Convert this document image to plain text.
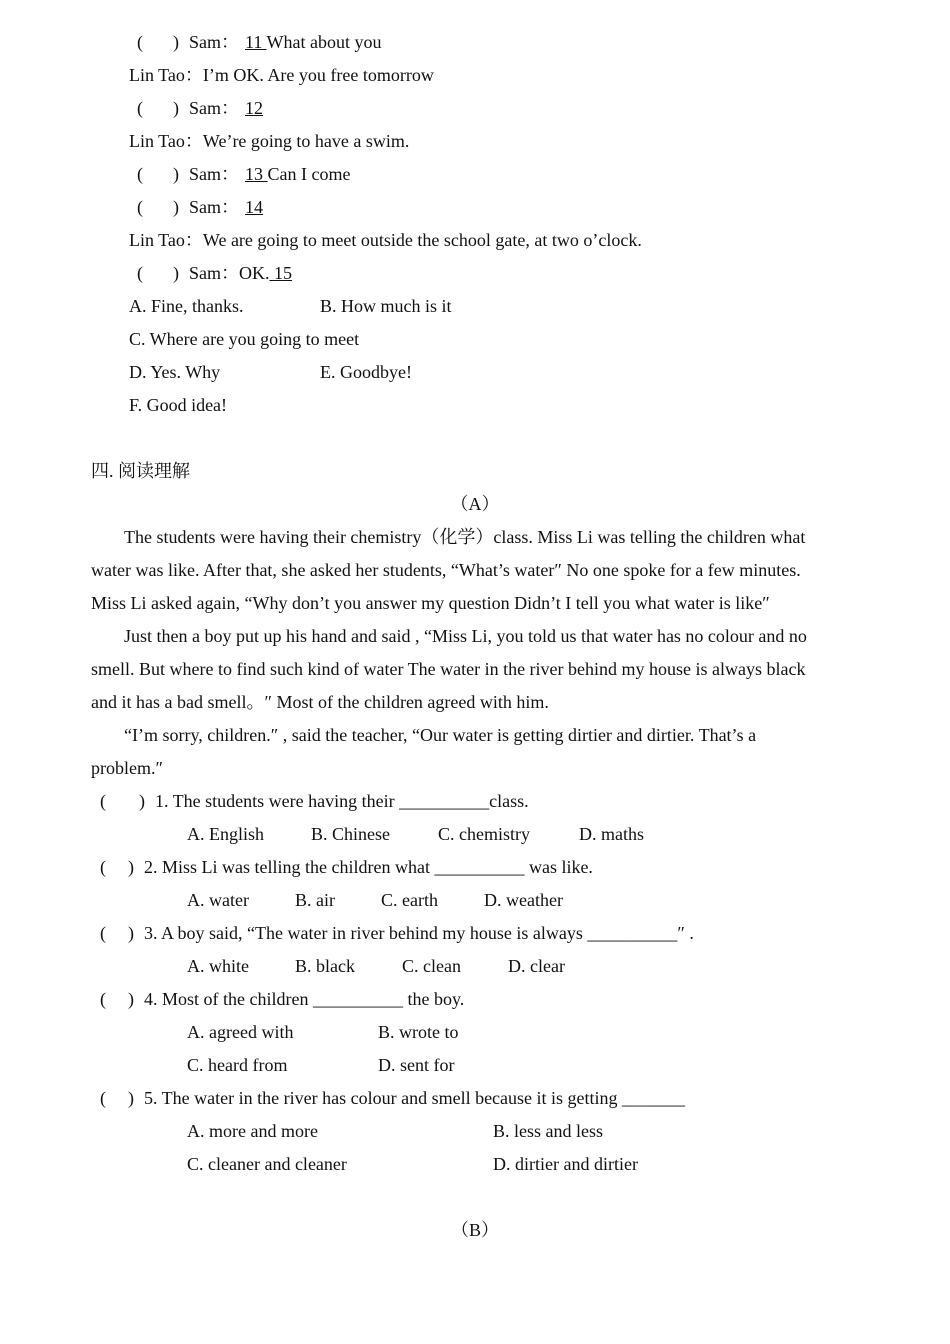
( ) Sam： 11 What about you
Lin Tao：I’m OK. Are you free tomorrow
( ) Sam： 12
Lin Tao：We’re going to have a swim.
( ) Sam： 13 Can I come
( ) Sam： 14
Lin Tao：We are going to meet outside the school gate, at two o’clock.
( ) Sam：OK. 15
A. Fine, thanks.	B. How much is it
C. Where are you going to meet
D. Yes. Why	E. Goodbye!
F. Good idea!
四. 阅读理解
（A）
The students were having their chemistry（化学）class. Miss Li was telling the children what
water was like. After that, she asked her students, “What’s water″ No one spoke for a few minutes.
Miss Li asked again, “Why don’t you answer my question Didn’t I tell you what water is like″
Just then a boy put up his hand and said , “Miss Li, you told us that water has no colour and no
smell. But where to find such kind of water The water in the river behind my house is always black
and it has a bad smell。″ Most of the children agreed with him.
“I’m sorry, children.″ , said the teacher, “Our water is getting dirtier and dirtier. That’s a
problem.″
( ) 1. The students were having their __________class.
A. English	B. Chinese	C. chemistry	D. maths
( ) 2. Miss Li was telling the children what __________ was like.
A. water	B. air	C. earth	D. weather
( ) 3. A boy said, “The water in river behind my house is always __________″ .
A. white	B. black	C. clean	D. clear
( ) 4. Most of the children __________ the boy.
A. agreed with	B. wrote to
C. heard from	D. sent for
( ) 5. The water in the river has colour and smell because it is getting _______
A. more and more	B. less and less
C. cleaner and cleaner	D. dirtier and dirtier
（B）
